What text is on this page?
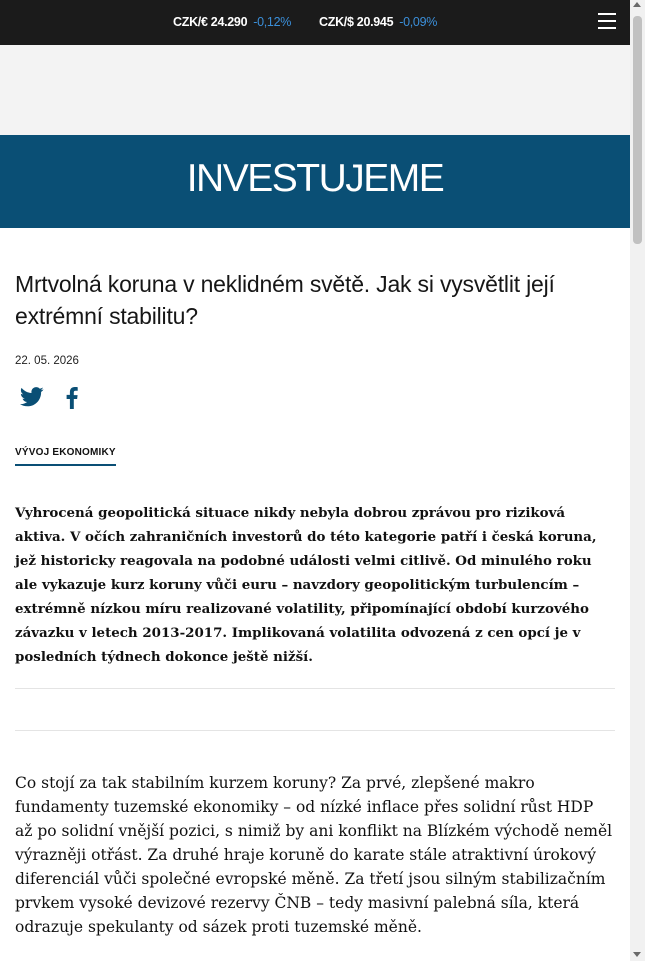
CZK/€ 24.290 -0,12% CZK/$ 20.945 -0,09%
INVESTUJEME
Mrtvolná koruna v neklidném světě. Jak si vysvětlit její extrémní stabilitu?
22. 05. 2026
VÝVOJ EKONOMIKY

Vyhrocená geopolitická situace nikdy nebyla dobrou zprávou pro riziková aktiva. V očích zahraničních investorů do této kategorie patří i česká koruna, jež historicky reagovala na podobné události velmi citlivě. Od minulého roku ale vykazuje kurz koruny vůči euru – navzdory geopolitickým turbulencím – extrémně nízkou míru realizované volatility, připomínající období kurzového závazku v letech 2013-2017. Implikovaná volatilita odvozená z cen opcí je v posledních týdnech dokonce ještě nižší.

Co stojí za tak stabilním kurzem koruny? Za prvé, zlepšené makro fundamenty tuzemské ekonomiky – od nízké inflace přes solidní růst HDP až po solidní vnější pozici, s nimiž by ani konflikt na Blízkém východě neměl výrazněji otřást. Za druhé hraje koruně do karate stále atraktivní úrokový diferenciál vůči společné evropské měně. Za třetí jsou silným stabilizačním prvkem vysoké devizové rezervy ČNB – tedy masivní palebná síla, která odrazuje spekulanty od sázek proti tuzemské měně.
